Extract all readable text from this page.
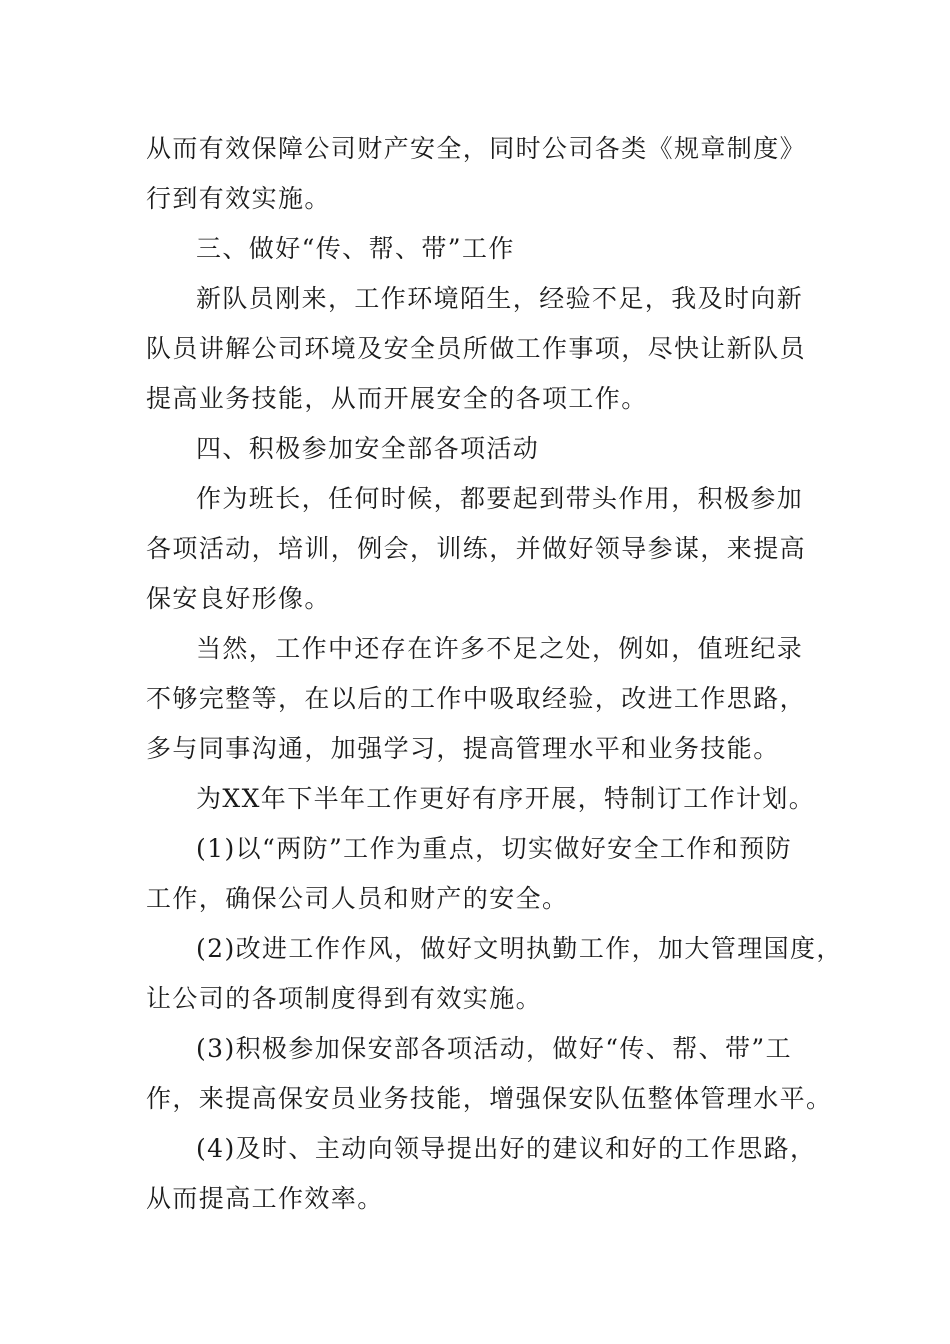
从而有效保障公司财产安全，同时公司各类《规章制度》

行到有效实施。

三、做好“传、帮、带”工作

新队员刚来，工作环境陌生，经验不足，我及时向新

队员讲解公司环境及安全员所做工作事项，尽快让新队员

提高业务技能，从而开展安全的各项工作。

四、积极参加安全部各项活动

作为班长，任何时候，都要起到带头作用，积极参加

各项活动，培训，例会，训练，并做好领导参谋，来提高

保安良好形像。

当然，工作中还存在许多不足之处，例如，值班纪录

不够完整等，在以后的工作中吸取经验，改进工作思路，

多与同事沟通，加强学习，提高管理水平和业务技能。

为XX年下半年工作更好有序开展，特制订工作计划。

(1)以“两防”工作为重点，切实做好安全工作和预防

工作，确保公司人员和财产的安全。

(2)改进工作作风，做好文明执勤工作，加大管理国度，

让公司的各项制度得到有效实施。

(3)积极参加保安部各项活动，做好“传、帮、带”工

作，来提高保安员业务技能，增强保安队伍整体管理水平。

(4)及时、主动向领导提出好的建议和好的工作思路，

从而提高工作效率。
